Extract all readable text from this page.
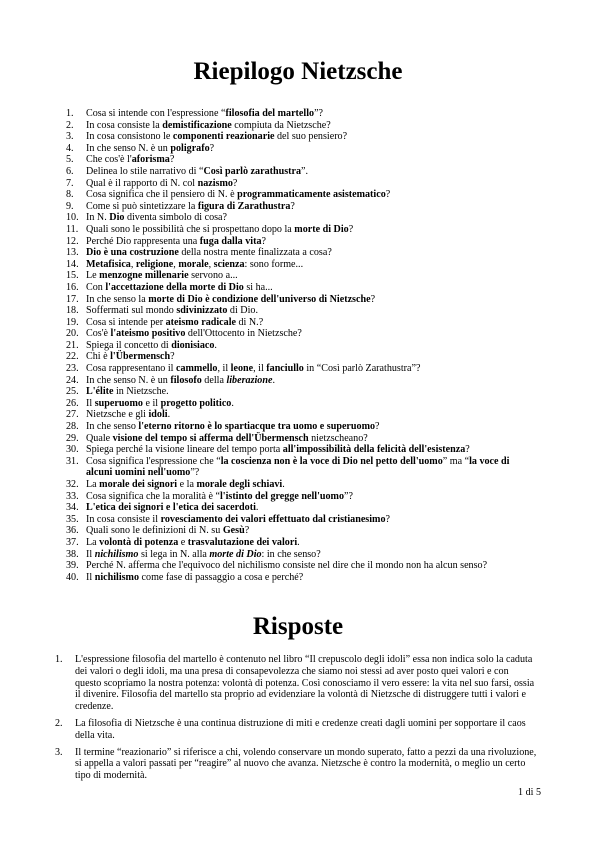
Riepilogo Nietzsche
1.	Cosa si intende con l'espressione “filosofia del martello”?
2.	In cosa consiste la demistificazione compiuta da Nietzsche?
3.	In cosa consistono le componenti reazionarie del suo pensiero?
4.	In che senso N. è un poligrafo?
5.	Che cos'è l'aforisma?
6.	Delinea lo stile narrativo di “Così parlò zarathustra”.
7.	Qual è il rapporto di N. col nazismo?
8.	Cosa significa che il pensiero di N. è programmaticamente asistematico?
9.	Come si può sintetizzare la figura di Zarathustra?
10. In N. Dio diventa simbolo di cosa?
11. Quali sono le possibilità che si prospettano dopo la morte di Dio?
12. Perché Dio rappresenta una fuga dalla vita?
13. Dio è una costruzione della nostra mente finalizzata a cosa?
14. Metafisica, religione, morale, scienza: sono forme...
15. Le menzogne millenarie servono a...
16. Con l'accettazione della morte di Dio si ha...
17. In che senso la morte di Dio è condizione dell'universo di Nietzsche?
18. Soffermati sul mondo sdivinizzato di Dio.
19. Cosa si intende per ateismo radicale di N.?
20. Cos'è l'ateismo positivo dell'Ottocento in Nietzsche?
21. Spiega il concetto di dionisiaco.
22. Chi è l'Übermensch?
23. Cosa rappresentano il cammello, il leone, il fanciullo in “Così parlò Zarathustra”?
24. In che senso N. è un filosofo della liberazione.
25. L'élite in Nietzsche.
26. Il superuomo e il progetto politico.
27. Nietzsche e gli idoli.
28. In che senso l'eterno ritorno è lo spartiacque tra uomo e superuomo?
29. Quale visione del tempo si afferma dell'Übermensch nietzscheano?
30. Spiega perché la visione lineare del tempo porta all'impossibilità della felicità dell'esistenza?
31. Cosa significa l'espressione che “la coscienza non è la voce di Dio nel petto dell'uomo” ma “la voce di alcuni uomini nell'uomo”?
32. La morale dei signori e la morale degli schiavi.
33. Cosa significa che la moralità è “l'istinto del gregge nell'uomo”?
34. L'etica dei signori e l'etica dei sacerdoti.
35. In cosa consiste il rovesciamento dei valori effettuato dal cristianesimo?
36. Quali sono le definizioni di N. su Gesù?
37. La volontà di potenza e trasvalutazione dei valori.
38. Il nichilismo si lega in N. alla morte di Dio: in che senso?
39. Perché N. afferma che l'equivoco del nichilismo consiste nel dire che il mondo non ha alcun senso?
40. Il nichilismo come fase di passaggio a cosa e perché?
Risposte
1. L'espressione filosofia del martello è contenuto nel libro “Il crepuscolo degli idoli” essa non indica solo la caduta dei valori o degli idoli, ma una presa di consapevolezza che siamo noi stessi ad aver posto quei valori e con questo scopriamo la nostra potenza: volontà di potenza. Così conosciamo il vero essere: la vita nel suo farsi, ossia il divenire. Filosofia del martello sta proprio ad evidenziare la volontà di Nietzsche di distruggere tutti i valori e credenze.
2. La filosofia di Nietzsche è una continua distruzione di miti e credenze creati dagli uomini per sopportare il caos della vita.
3. Il termine “reazionario” si riferisce a chi, volendo conservare un mondo superato, fatto a pezzi da una rivoluzione, si appella a valori passati per “reagire” al nuovo che avanza. Nietzsche è contro la modernità, o meglio un certo tipo di modernità.
1 di 5
